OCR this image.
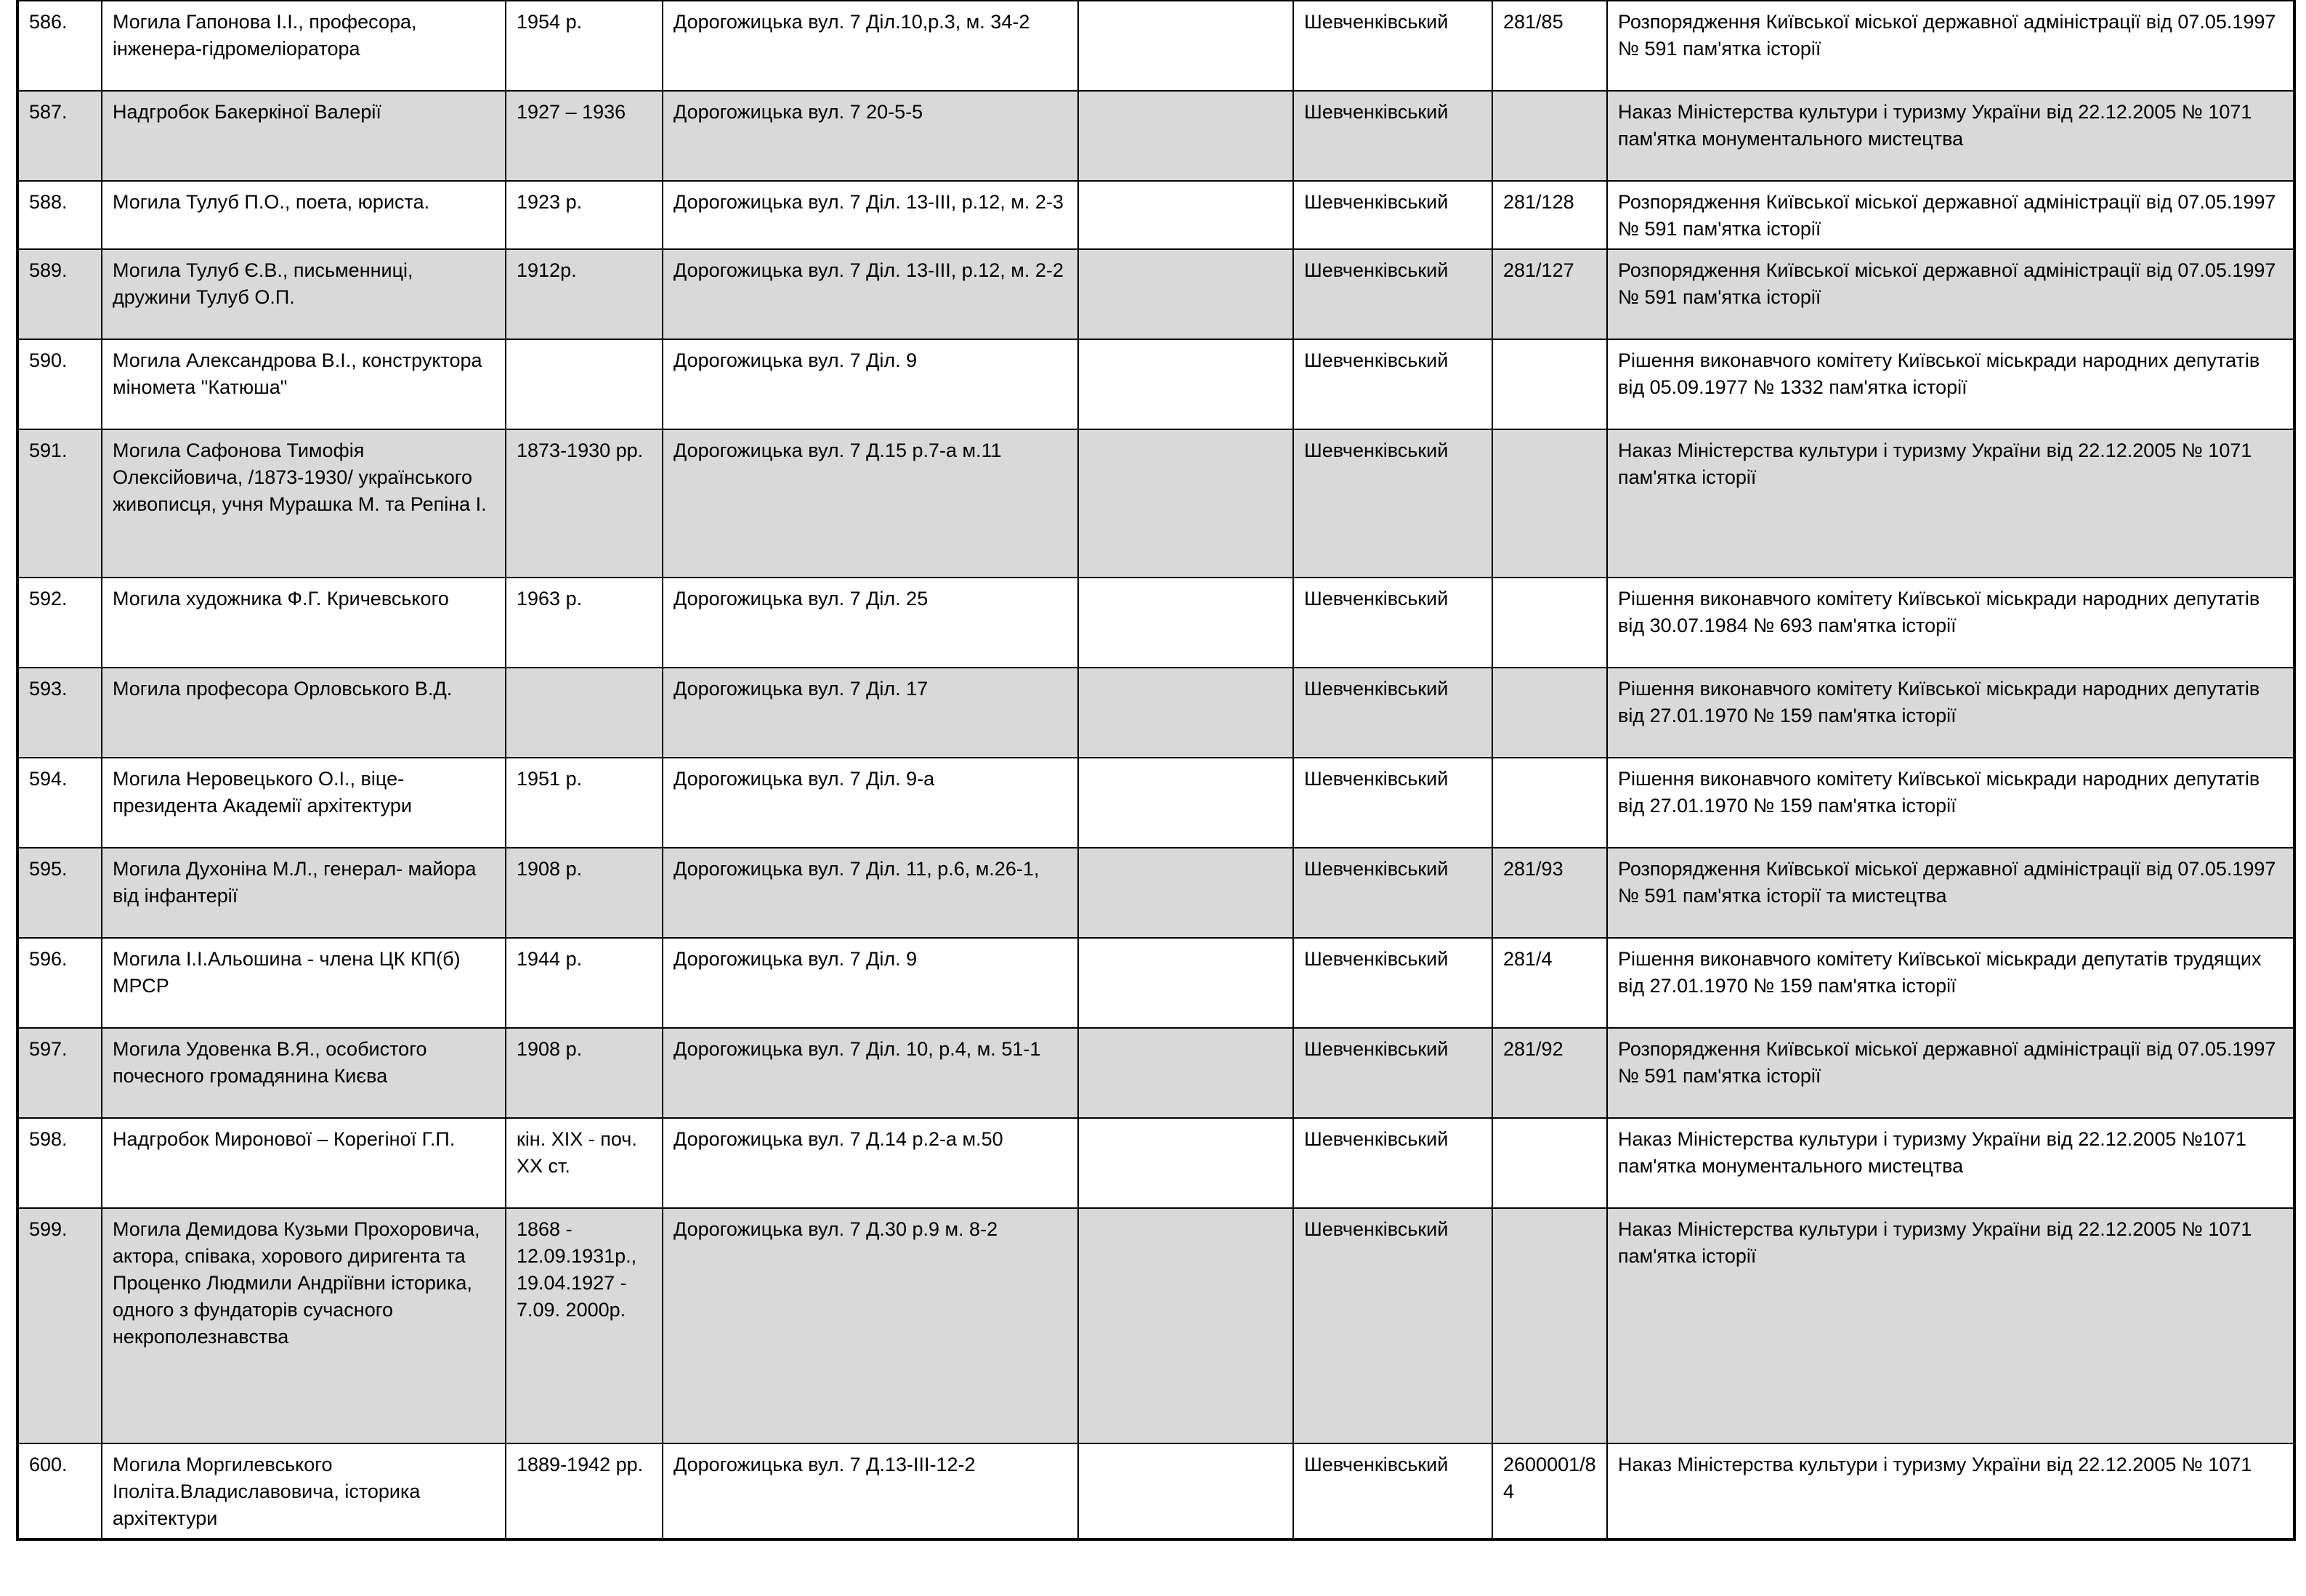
586.	Могила Гапонова І.І., професора, інженера-гідромеліоратора	1954 р.	Дорогожицька вул. 7 Діл.10,р.3, м. 34-2		Шевченківський	281/85	Розпорядження Київської міської державної адміністрації від 07.05.1997 № 591 пам'ятка історії
587.	Надгробок Бакеркіної Валерії	1927 – 1936	Дорогожицька вул. 7 20-5-5		Шевченківський		Наказ Міністерства культури і туризму України від 22.12.2005 № 1071 пам'ятка монументального мистецтва
588.	Могила Тулуб П.О., поета, юриста.	1923 р.	Дорогожицька вул. 7 Діл. 13-ІІІ, р.12, м. 2-3		Шевченківський	281/128	Розпорядження Київської міської державної адміністрації від 07.05.1997 № 591 пам'ятка історії
589.	Могила Тулуб Є.В., письменниці, дружини Тулуб О.П.	1912р.	Дорогожицька вул. 7 Діл. 13-ІІІ, р.12, м. 2-2		Шевченківський	281/127	Розпорядження Київської міської державної адміністрації від 07.05.1997 № 591 пам'ятка історії
590.	Могила Александрова В.І., конструктора міномета "Катюша"		Дорогожицька вул. 7 Діл. 9		Шевченківський		Рішення виконавчого комітету Київської міськради народних депутатів від 05.09.1977 № 1332 пам'ятка історії
591.	Могила Сафонова Тимофія Олексійовича, /1873-1930/ українського живописця, учня Мурашка М. та Репіна І.	1873-1930 рр.	Дорогожицька вул. 7 Д.15 р.7-а м.11		Шевченківський		Наказ Міністерства культури і туризму України від 22.12.2005 № 1071 пам'ятка історії
592.	Могила художника Ф.Г. Кричевського	1963 р.	Дорогожицька вул. 7 Діл. 25		Шевченківський		Рішення виконавчого комітету Київської міськради народних депутатів від 30.07.1984 № 693 пам'ятка історії
593.	Могила професора Орловського В.Д.		Дорогожицька вул. 7 Діл. 17		Шевченківський		Рішення виконавчого комітету Київської міськради народних депутатів від 27.01.1970 № 159 пам'ятка історії
594.	Могила Неровецького О.І., віце-президента Академії архітектури	1951 р.	Дорогожицька вул. 7 Діл. 9-а		Шевченківський		Рішення виконавчого комітету Київської міськради народних депутатів від 27.01.1970 № 159 пам'ятка історії
595.	Могила Духоніна М.Л., генерал- майора від інфантерії	1908 р.	Дорогожицька вул. 7 Діл. 11, р.6, м.26-1,		Шевченківський	281/93	Розпорядження Київської міської державної адміністрації від 07.05.1997 № 591 пам'ятка історії та мистецтва
596.	Могила І.І.Альошина - члена ЦК КП(б) МРСР	1944 р.	Дорогожицька вул. 7 Діл. 9		Шевченківський	281/4	Рішення виконавчого комітету Київської міськради депутатів трудящих від 27.01.1970 № 159 пам'ятка історії
597.	Могила Удовенка В.Я., особистого почесного громадянина Києва	1908 р.	Дорогожицька вул. 7 Діл. 10, р.4, м. 51-1		Шевченківський	281/92	Розпорядження Київської міської державної адміністрації від 07.05.1997 № 591 пам'ятка історії
598.	Надгробок Миронової – Корегіної Г.П.	кін. XIX - поч. XX ст.	Дорогожицька вул. 7 Д.14 р.2-а м.50		Шевченківський		Наказ Міністерства культури і туризму України від 22.12.2005 №1071 пам'ятка монументального мистецтва
599.	Могила Демидова Кузьми Прохоровича, актора, співака, хорового диригента та Проценко Людмили Андріївни історика, одного з фундаторів сучасного некрополезнавства	1868 - 12.09.1931р., 19.04.1927 - 7.09. 2000р.	Дорогожицька вул. 7 Д.30 р.9 м. 8-2		Шевченківський		Наказ Міністерства культури і туризму України від 22.12.2005 № 1071 пам'ятка історії
600.	Могила Моргилевського Іполіта.Владиславовича, історика архітектури	1889-1942 рр.	Дорогожицька вул. 7 Д.13-ІІІ-12-2		Шевченківський	2600001/84	Наказ Міністерства культури і туризму України від 22.12.2005 № 1071
